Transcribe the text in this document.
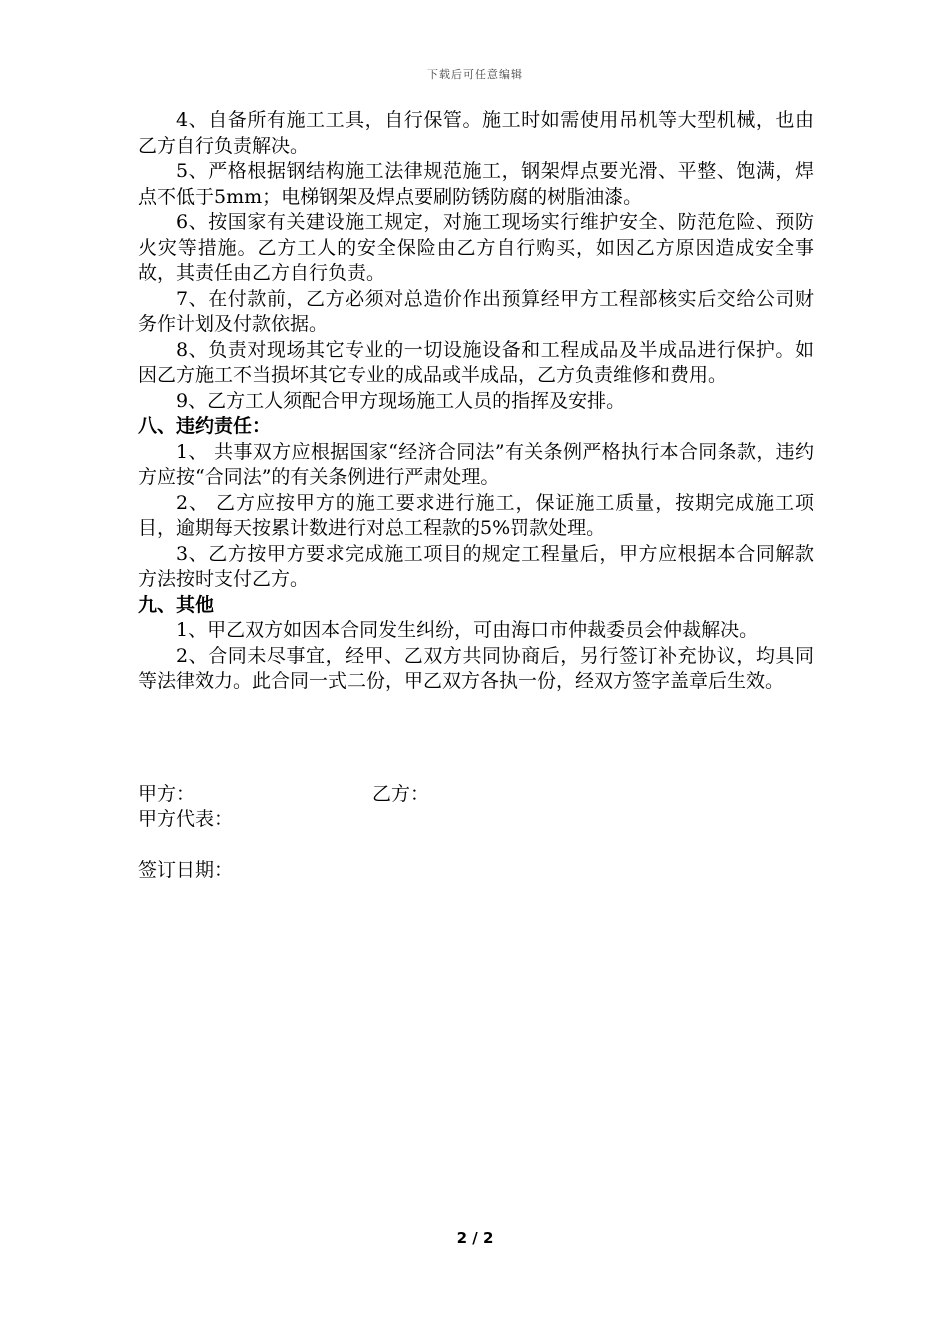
下载后可任意编辑

4、自备所有施工工具，自行保管。施工时如需使用吊机等大型机械，也由乙方自行负责解决。

5、严格根据钢结构施工法律规范施工，钢架焊点要光滑、平整、饱满，焊点不低于5mm；电梯钢架及焊点要刷防锈防腐的树脂油漆。

6、按国家有关建设施工规定，对施工现场实行维护安全、防范危险、预防火灾等措施。乙方工人的安全保险由乙方自行购买，如因乙方原因造成安全事故，其责任由乙方自行负责。

7、在付款前，乙方必须对总造价作出预算经甲方工程部核实后交给公司财务作计划及付款依据。

8、负责对现场其它专业的一切设施设备和工程成品及半成品进行保护。如因乙方施工不当损坏其它专业的成品或半成品，乙方负责维修和费用。

9、乙方工人须配合甲方现场施工人员的指挥及安排。

八、违约责任：

1、 共事双方应根据国家“经济合同法”有关条例严格执行本合同条款，违约方应按“合同法”的有关条例进行严肃处理。

2、 乙方应按甲方的施工要求进行施工，保证施工质量，按期完成施工项目，逾期每天按累计数进行对总工程款的5%罚款处理。

3、乙方按甲方要求完成施工项目的规定工程量后，甲方应根据本合同解款方法按时支付乙方。

九、其他

1、甲乙双方如因本合同发生纠纷，可由海口市仲裁委员会仲裁解决。

2、合同未尽事宜，经甲、乙双方共同协商后，另行签订补充协议，均具同等法律效力。此合同一式二份，甲乙双方各执一份，经双方签字盖章后生效。

甲方：	乙方：
甲方代表：
签订日期：
2 / 2
